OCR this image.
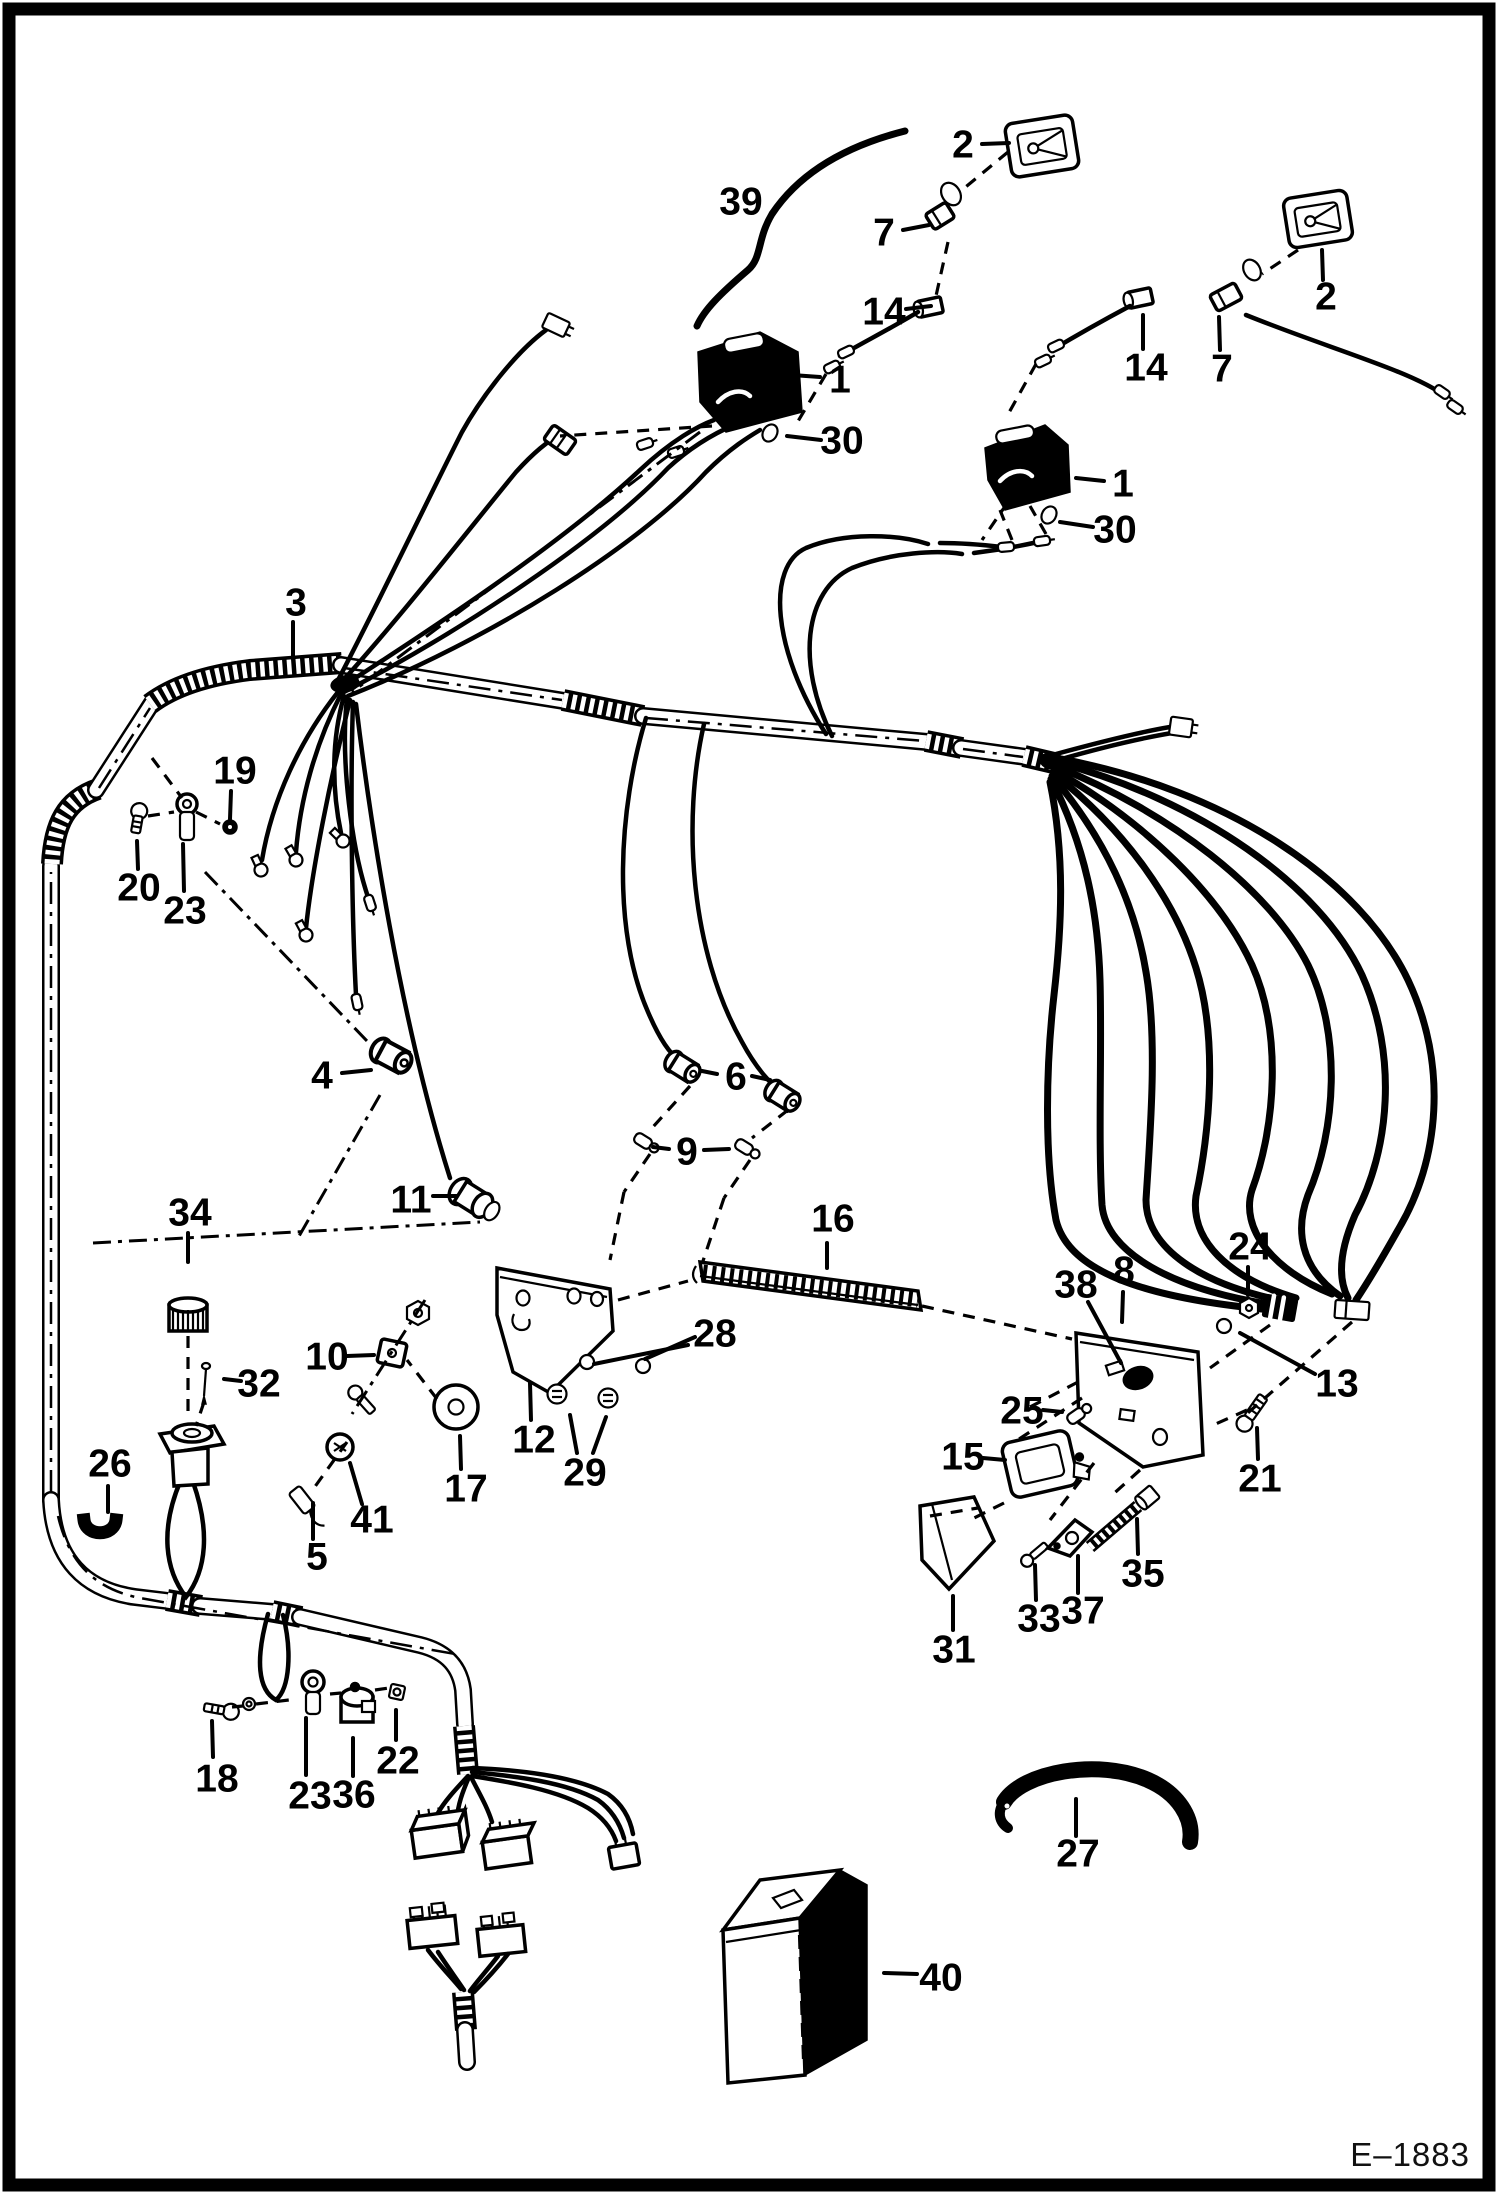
2
39
7
14
1
30
2
7
14
1
30
3
19
20
23
4	6
9
11
34
32
10
26
41
5
17
12
29
28
16
38 8
24
13
25
15
21
35
37
33
31
27
18 23 36
22
40
E–1883
